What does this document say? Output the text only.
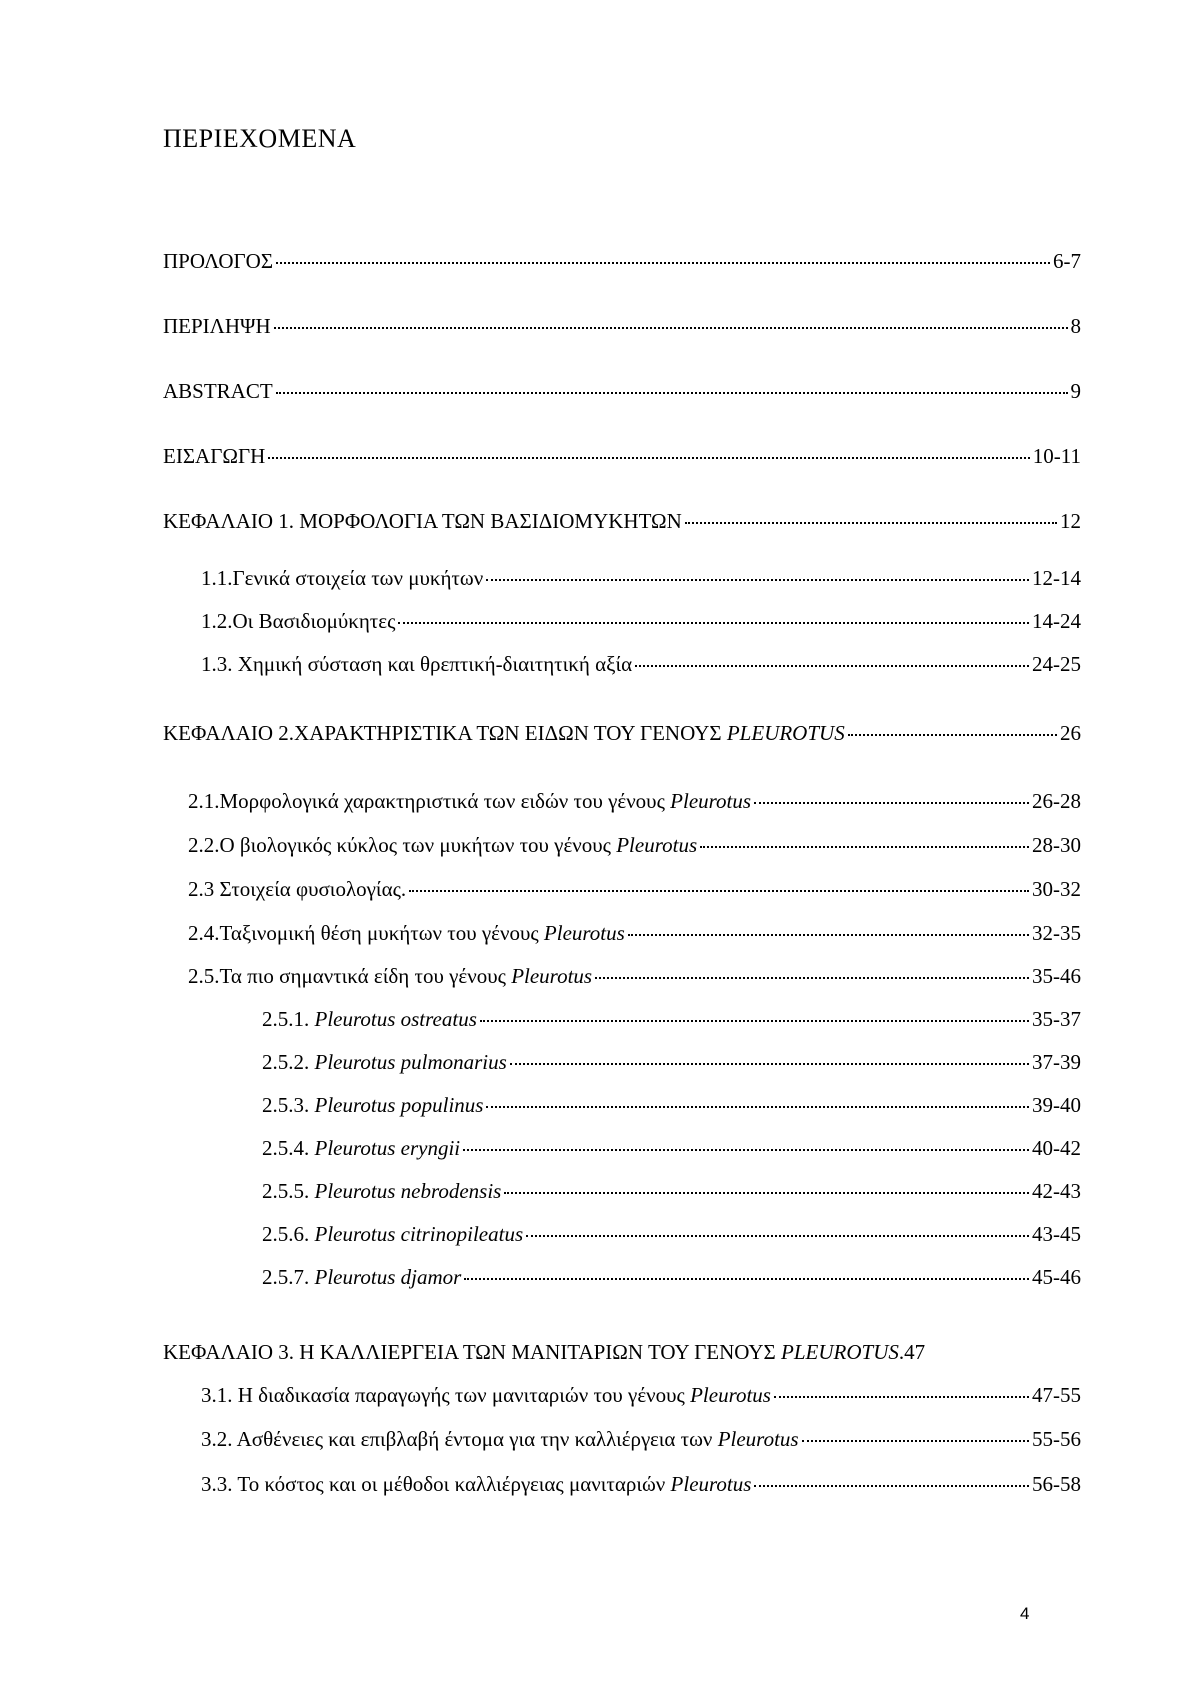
ΠΕΡΙΕΧΟΜΕΝΑ
ΠΡΟΛΟΓΟΣ	6-7
ΠΕΡΙΛΗΨΗ	8
ABSTRACT	9
ΕΙΣΑΓΩΓΗ	10-11
ΚΕΦΑΛΑΙΟ 1. ΜΟΡΦΟΛΟΓΙΑ ΤΩΝ ΒΑΣΙΔΙΟΜΥΚΗΤΩΝ	12
1.1.Γενικά στοιχεία των μυκήτων	12-14
1.2.Οι Βασιδιομύκητες	14-24
1.3. Χημική σύσταση και θρεπτική-διαιτητική αξία	24-25
ΚΕΦΑΛΑΙΟ 2.ΧΑΡΑΚΤΗΡΙΣΤΙΚΑ ΤΩΝ ΕΙΔΩΝ ΤΟΥ ΓΕΝΟΥΣ PLEUROTUS	26
2.1.Μορφολογικά χαρακτηριστικά των ειδών του γένους Pleurotus	26-28
2.2.Ο βιολογικός κύκλος των μυκήτων του γένους Pleurotus	28-30
2.3 Στοιχεία φυσιολογίας.	30-32
2.4.Ταξινομική θέση μυκήτων του γένους Pleurotus	32-35
2.5.Τα πιο σημαντικά είδη του γένους Pleurotus	35-46
2.5.1. Pleurotus ostreatus	35-37
2.5.2. Pleurotus pulmonarius	37-39
2.5.3. Pleurotus populinus	39-40
2.5.4. Pleurotus eryngii	40-42
2.5.5. Pleurotus nebrodensis	42-43
2.5.6. Pleurotus citrinopileatus	43-45
2.5.7. Pleurotus djamor	45-46
ΚΕΦΑΛΑΙΟ 3. Η ΚΑΛΛΙΕΡΓΕΙΑ ΤΩΝ ΜΑΝΙΤΑΡΙΩΝ ΤΟΥ ΓΕΝΟΥΣ PLEUROTUS.47
3.1. Η διαδικασία παραγωγής των μανιταριών του γένους Pleurotus	47-55
3.2. Ασθένειες και επιβλαβή έντομα για την καλλιέργεια των Pleurotus	55-56
3.3. Το κόστος και οι μέθοδοι καλλιέργειας μανιταριών Pleurotus	56-58
4
